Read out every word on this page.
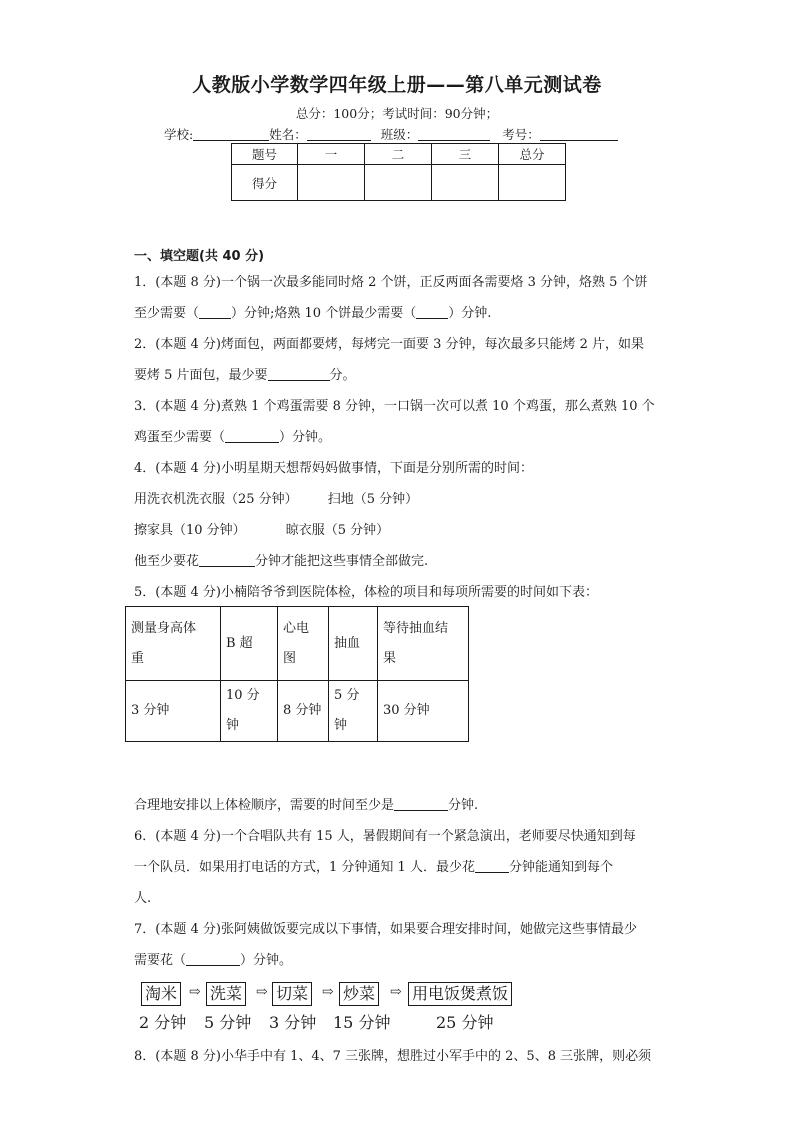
人教版小学数学四年级上册——第八单元测试卷
总分：100分；考试时间：90分钟；
学校:	姓名：	班级：	考号：
题号	一	二	三	总分
得分				
一、填空题(共 40 分)
1．(本题 8 分)一个锅一次最多能同时烙 2 个饼，正反两面各需要烙 3 分钟，烙熟 5 个饼
至少需要（ ）分钟;烙熟 10 个饼最少需要（ ）分钟.
2．(本题 4 分)烤面包，两面都要烤，每烤完一面要 3 分钟，每次最多只能烤 2 片，如果
要烤 5 片面包，最少要	分。
3．(本题 4 分)煮熟 1 个鸡蛋需要 8 分钟，一口锅一次可以煮 10 个鸡蛋，那么煮熟 10 个
鸡蛋至少需要（	）分钟。
4．(本题 4 分)小明星期天想帮妈妈做事情，下面是分别所需的时间：
用洗衣机洗衣服（25 分钟） 扫地（5 分钟）
擦家具（10 分钟）	晾衣服（5 分钟）
他至少要花	分钟才能把这些事情全部做完.
5．(本题 4 分)小楠陪爷爷到医院体检，体检的项目和每项所需要的时间如下表：
测量身高体
重	B 超	心电
图	抽血	等待抽血结
果
3 分钟	10 分钟	8 分钟	5 分钟	30 分钟
合理地安排以上体检顺序，需要的时间至少是	分钟.
6．(本题 4 分)一个合唱队共有 15 人，暑假期间有一个紧急演出，老师要尽快通知到每
一个队员．如果用打电话的方式，1 分钟通知 1 人．最少花	分钟能通知到每个
人.
7．(本题 4 分)张阿姨做饭要完成以下事情，如果要合理安排时间，她做完这些事情最少
需要花（	）分钟。
淘米 ⇨ 洗菜 ⇨ 切菜 ⇨ 炒菜 ⇨ 用电饭煲煮饭
2 分钟 5 分钟 3 分钟 15 分钟	25 分钟
8．(本题 8 分)小华手中有 1、4、7 三张牌，想胜过小军手中的 2、5、8 三张牌，则必须
